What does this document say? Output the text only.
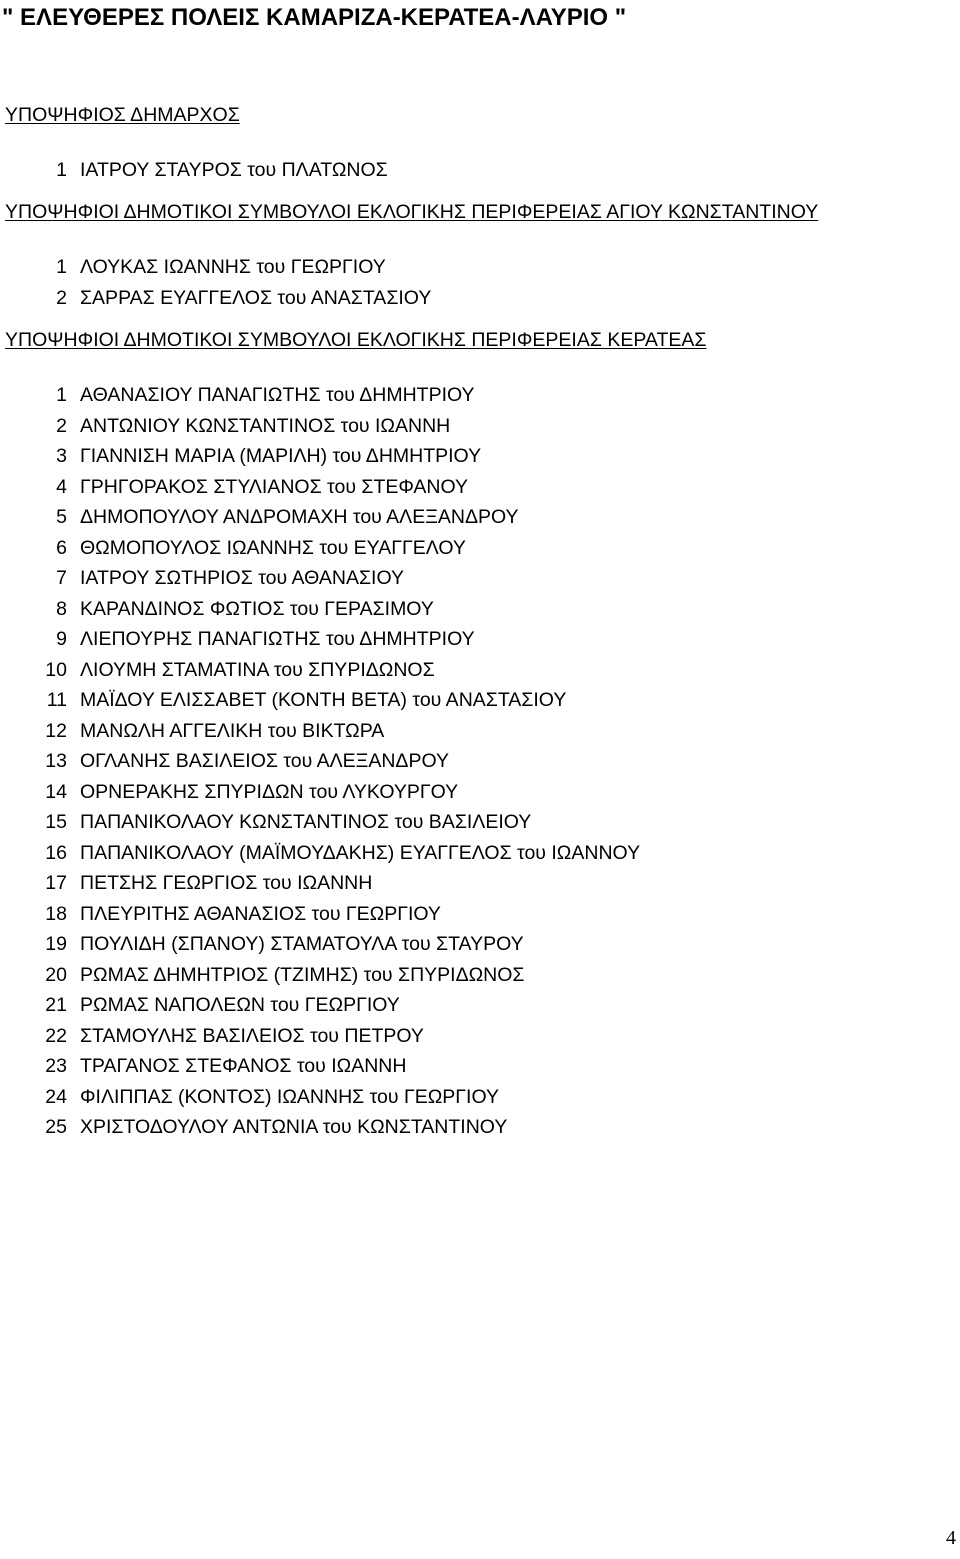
" ΕΛΕΥΘΕΡΕΣ ΠΟΛΕΙΣ ΚΑΜΑΡΙΖΑ-ΚΕΡΑΤΕΑ-ΛΑΥΡΙΟ "
ΥΠΟΨΗΦΙΟΣ ΔΗΜΑΡΧΟΣ
1 ΙΑΤΡΟΥ ΣΤΑΥΡΟΣ του ΠΛΑΤΩΝΟΣ
ΥΠΟΨΗΦΙΟΙ ΔΗΜΟΤΙΚΟΙ ΣΥΜΒΟΥΛΟΙ ΕΚΛΟΓΙΚΗΣ ΠΕΡΙΦΕΡΕΙΑΣ ΑΓΙΟΥ ΚΩΝΣΤΑΝΤΙΝΟΥ
1 ΛΟΥΚΑΣ ΙΩΑΝΝΗΣ του ΓΕΩΡΓΙΟΥ
2 ΣΑΡΡΑΣ ΕΥΑΓΓΕΛΟΣ του ΑΝΑΣΤΑΣΙΟΥ
ΥΠΟΨΗΦΙΟΙ ΔΗΜΟΤΙΚΟΙ ΣΥΜΒΟΥΛΟΙ ΕΚΛΟΓΙΚΗΣ ΠΕΡΙΦΕΡΕΙΑΣ ΚΕΡΑΤΕΑΣ
1 ΑΘΑΝΑΣΙΟΥ ΠΑΝΑΓΙΩΤΗΣ του ΔΗΜΗΤΡΙΟΥ
2 ΑΝΤΩΝΙΟΥ ΚΩΝΣΤΑΝΤΙΝΟΣ του ΙΩΑΝΝΗ
3 ΓΙΑΝΝΙΣΗ ΜΑΡΙΑ (ΜΑΡΙΛΗ) του ΔΗΜΗΤΡΙΟΥ
4 ΓΡΗΓΟΡΑΚΟΣ ΣΤΥΛΙΑΝΟΣ του ΣΤΕΦΑΝΟΥ
5 ΔΗΜΟΠΟΥΛΟΥ ΑΝΔΡΟΜΑΧΗ του ΑΛΕΞΑΝΔΡΟΥ
6 ΘΩΜΟΠΟΥΛΟΣ ΙΩΑΝΝΗΣ του ΕΥΑΓΓΕΛΟΥ
7 ΙΑΤΡΟΥ ΣΩΤΗΡΙΟΣ του ΑΘΑΝΑΣΙΟΥ
8 ΚΑΡΑΝΔΙΝΟΣ ΦΩΤΙΟΣ του ΓΕΡΑΣΙΜΟΥ
9 ΛΙΕΠΟΥΡΗΣ ΠΑΝΑΓΙΩΤΗΣ του ΔΗΜΗΤΡΙΟΥ
10 ΛΙΟΥΜΗ ΣΤΑΜΑΤΙΝΑ του ΣΠΥΡΙΔΩΝΟΣ
11 ΜΑΪΔΟΥ ΕΛΙΣΣΑΒΕΤ (ΚΟΝΤΗ ΒΕΤΑ) του ΑΝΑΣΤΑΣΙΟΥ
12 ΜΑΝΩΛΗ ΑΓΓΕΛΙΚΗ του ΒΙΚΤΩΡΑ
13 ΟΓΛΑΝΗΣ ΒΑΣΙΛΕΙΟΣ του ΑΛΕΞΑΝΔΡΟΥ
14 ΟΡΝΕΡΑΚΗΣ ΣΠΥΡΙΔΩΝ του ΛΥΚΟΥΡΓΟΥ
15 ΠΑΠΑΝΙΚΟΛΑΟΥ ΚΩΝΣΤΑΝΤΙΝΟΣ του ΒΑΣΙΛΕΙΟΥ
16 ΠΑΠΑΝΙΚΟΛΑΟΥ (ΜΑΪΜΟΥΔΑΚΗΣ) ΕΥΑΓΓΕΛΟΣ του ΙΩΑΝΝΟΥ
17 ΠΕΤΣΗΣ ΓΕΩΡΓΙΟΣ του ΙΩΑΝΝΗ
18 ΠΛΕΥΡΙΤΗΣ ΑΘΑΝΑΣΙΟΣ του ΓΕΩΡΓΙΟΥ
19 ΠΟΥΛΙΔΗ (ΣΠΑΝΟΥ) ΣΤΑΜΑΤΟΥΛΑ του ΣΤΑΥΡΟΥ
20 ΡΩΜΑΣ ΔΗΜΗΤΡΙΟΣ (ΤΖΙΜΗΣ) του ΣΠΥΡΙΔΩΝΟΣ
21 ΡΩΜΑΣ ΝΑΠΟΛΕΩΝ του ΓΕΩΡΓΙΟΥ
22 ΣΤΑΜΟΥΛΗΣ ΒΑΣΙΛΕΙΟΣ του ΠΕΤΡΟΥ
23 ΤΡΑΓΑΝΟΣ ΣΤΕΦΑΝΟΣ του ΙΩΑΝΝΗ
24 ΦΙΛΙΠΠΑΣ (ΚΟΝΤΟΣ) ΙΩΑΝΝΗΣ του ΓΕΩΡΓΙΟΥ
25 ΧΡΙΣΤΟΔΟΥΛΟΥ ΑΝΤΩΝΙΑ του ΚΩΝΣΤΑΝΤΙΝΟΥ
4
